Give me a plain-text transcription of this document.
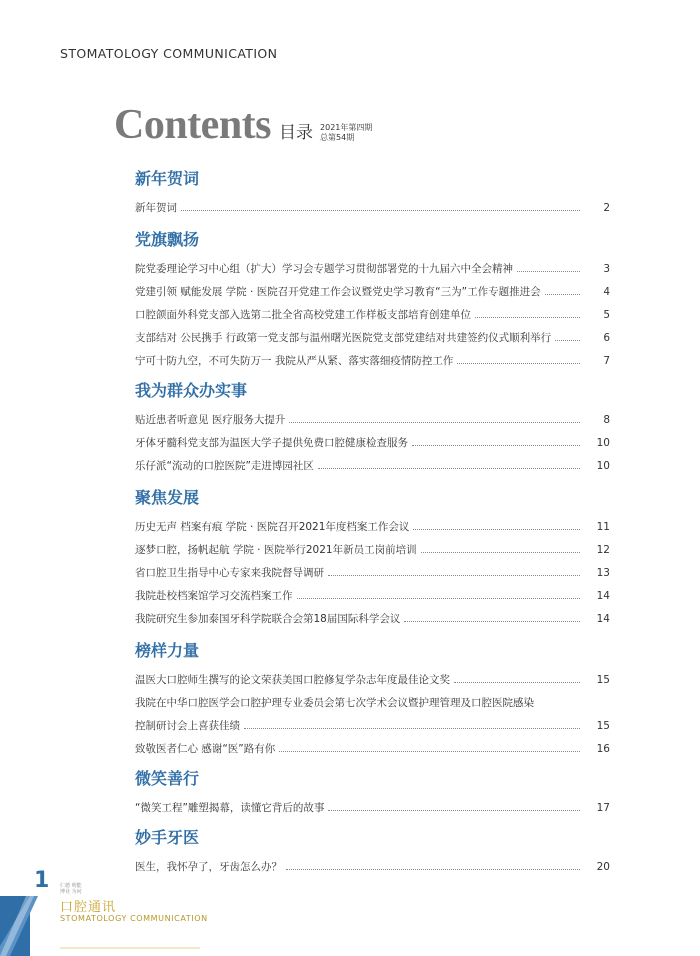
STOMATOLOGY COMMUNICATION
Contents 目录 2021年第四期
总第54期
新年贺词
新年贺词	2
党旗飘扬
院党委理论学习中心组（扩大）学习会专题学习贯彻部署党的十九届六中全会精神	3
党建引领 赋能发展 学院 · 医院召开党建工作会议暨党史学习教育“三为”工作专题推进会	4
口腔颌面外科党支部入选第二批全省高校党建工作样板支部培育创建单位	5
支部结对 公民携手 行政第一党支部与温州曙光医院党支部党建结对共建签约仪式顺利举行	6
宁可十防九空，不可失防万一 我院从严从紧、落实落细疫情防控工作	7
我为群众办实事
贴近患者听意见 医疗服务大提升	8
牙体牙髓科党支部为温医大学子提供免费口腔健康检查服务	10
乐仔派“流动的口腔医院”走进博园社区	10
聚焦发展
历史无声 档案有痕 学院 · 医院召开2021年度档案工作会议	11
逐梦口腔，扬帆起航 学院 · 医院举行2021年新员工岗前培训	12
省口腔卫生指导中心专家来我院督导调研	13
我院赴校档案馆学习交流档案工作	14
我院研究生参加泰国牙科学院联合会第18届国际科学会议	14
榜样力量
温医大口腔师生撰写的论文荣获美国口腔修复学杂志年度最佳论文奖	15
我院在中华口腔医学会口腔护理专业委员会第七次学术会议暨护理管理及口腔医院感染
控制研讨会上喜获佳绩	15
致敬医者仁心 感谢“医”路有你	16
微笑善行
“微笑工程”雕塑揭幕，读懂它背后的故事	17
妙手牙医
医生，我怀孕了，牙齿怎么办？	20
1 仁德 明能
博业 为问
口腔通讯
STOMATOLOGY COMMUNICATION
